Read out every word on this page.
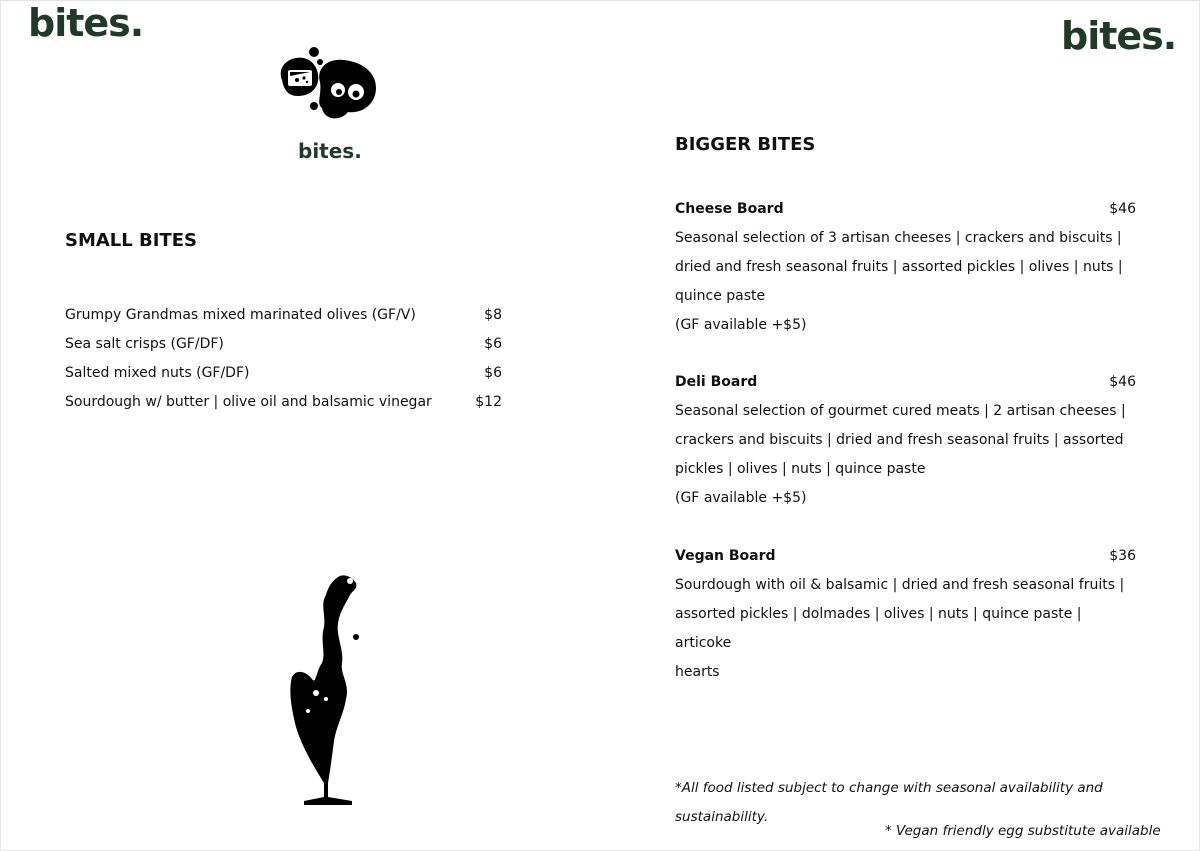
bites.	bites.
bites.
SMALL BITES
Grumpy Grandmas mixed marinated olives (GF/V)	$8
Sea salt crisps (GF/DF)	$6
Salted mixed nuts (GF/DF)	$6
Sourdough w/ butter | olive oil and balsamic vinegar	$12
BIGGER BITES
Cheese Board	$46
Seasonal selection of 3 artisan cheeses | crackers and biscuits |
dried and fresh seasonal fruits | assorted pickles | olives | nuts |
quince paste
(GF available +$5)
Deli Board	$46
Seasonal selection of gourmet cured meats | 2 artisan cheeses |
crackers and biscuits | dried and fresh seasonal fruits | assorted
pickles | olives | nuts | quince paste
(GF available +$5)
Vegan Board	$36
Sourdough with oil & balsamic | dried and fresh seasonal fruits |
assorted pickles | dolmades | olives | nuts | quince paste | articoke
hearts
*All food listed subject to change with seasonal availability and
sustainability.
* Vegan friendly egg substitute available
